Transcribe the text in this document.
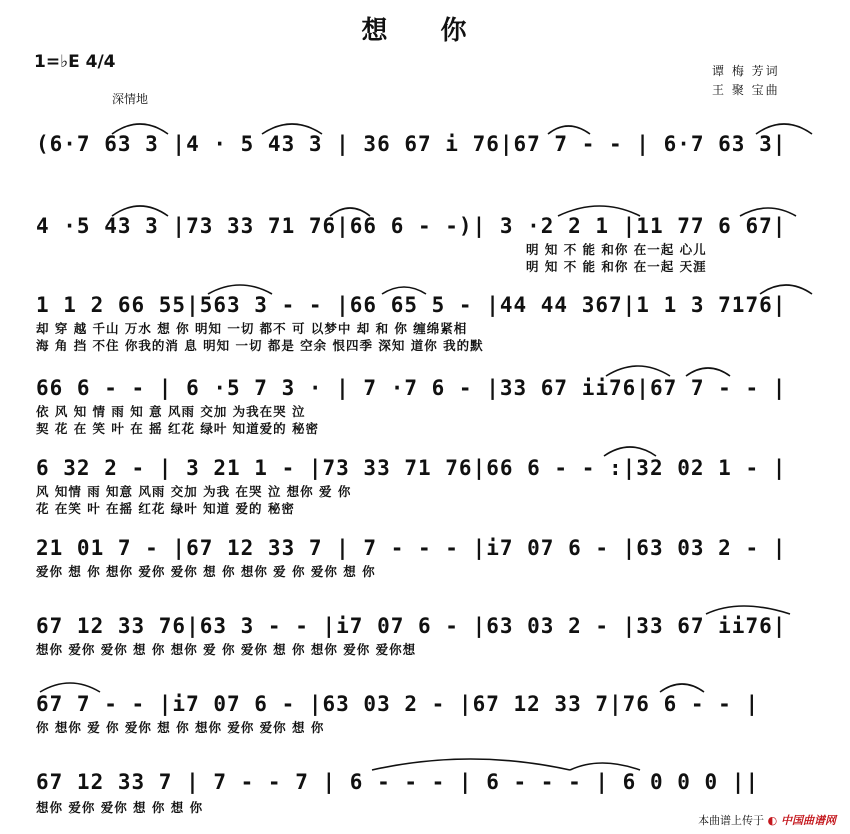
想 你
1=♭E 4/4
深情地
谭 梅 芳词
王 聚 宝曲
(6·7 63 3 |4 · 5 43 3 | 36 67 i 76|67 7 - - | 6·7 63 3|
4 ·5 43 3 |73 33 71 76|66 6 - -)| 3 ·2 2 1 |11 77 6 67|
明 知 不 能 和你 在一起 心儿
明 知 不 能 和你 在一起 天涯
1 1 2 66 55|563 3 - - |66 65 5 - |44 44 367|1 1 3 7176|
却 穿 越 千山 万水 想 你 明知 一切 都不 可 以梦中 却 和 你 缠绵紧相
海 角 挡 不住 你我的消 息 明知 一切 都是 空余 恨四季 深知 道你 我的默
66 6 - - | 6 ·5 7 3 · | 7 ·7 6 - |33 67 ii76|67 7 - - |
依 风 知 情 雨 知 意 风雨 交加 为我在哭 泣
契 花 在 笑 叶 在 摇 红花 绿叶 知道爱的 秘密
6 32 2 - | 3 21 1 - |73 33 71 76|66 6 - - :|32 02 1 - |
风 知情 雨 知意 风雨 交加 为我 在哭 泣 想你 爱 你
花 在笑 叶 在摇 红花 绿叶 知道 爱的 秘密
21 01 7 - |67 12 33 7 | 7 - - - |i7 07 6 - |63 03 2 - |
爱你 想 你 想你 爱你 爱你 想 你 想你 爱 你 爱你 想 你
67 12 33 76|63 3 - - |i7 07 6 - |63 03 2 - |33 67 ii76|
想你 爱你 爱你 想 你 想你 爱 你 爱你 想 你 想你 爱你 爱你想
67 7 - - |i7 07 6 - |63 03 2 - |67 12 33 7|76 6 - - |
你 想你 爱 你 爱你 想 你 想你 爱你 爱你 想 你
67 12 33 7 | 7 - - 7 | 6 - - - | 6 - - - | 6 0 0 0 ||
想你 爱你 爱你 想 你 想 你
本曲谱上传于 ◐ 中国曲谱网
